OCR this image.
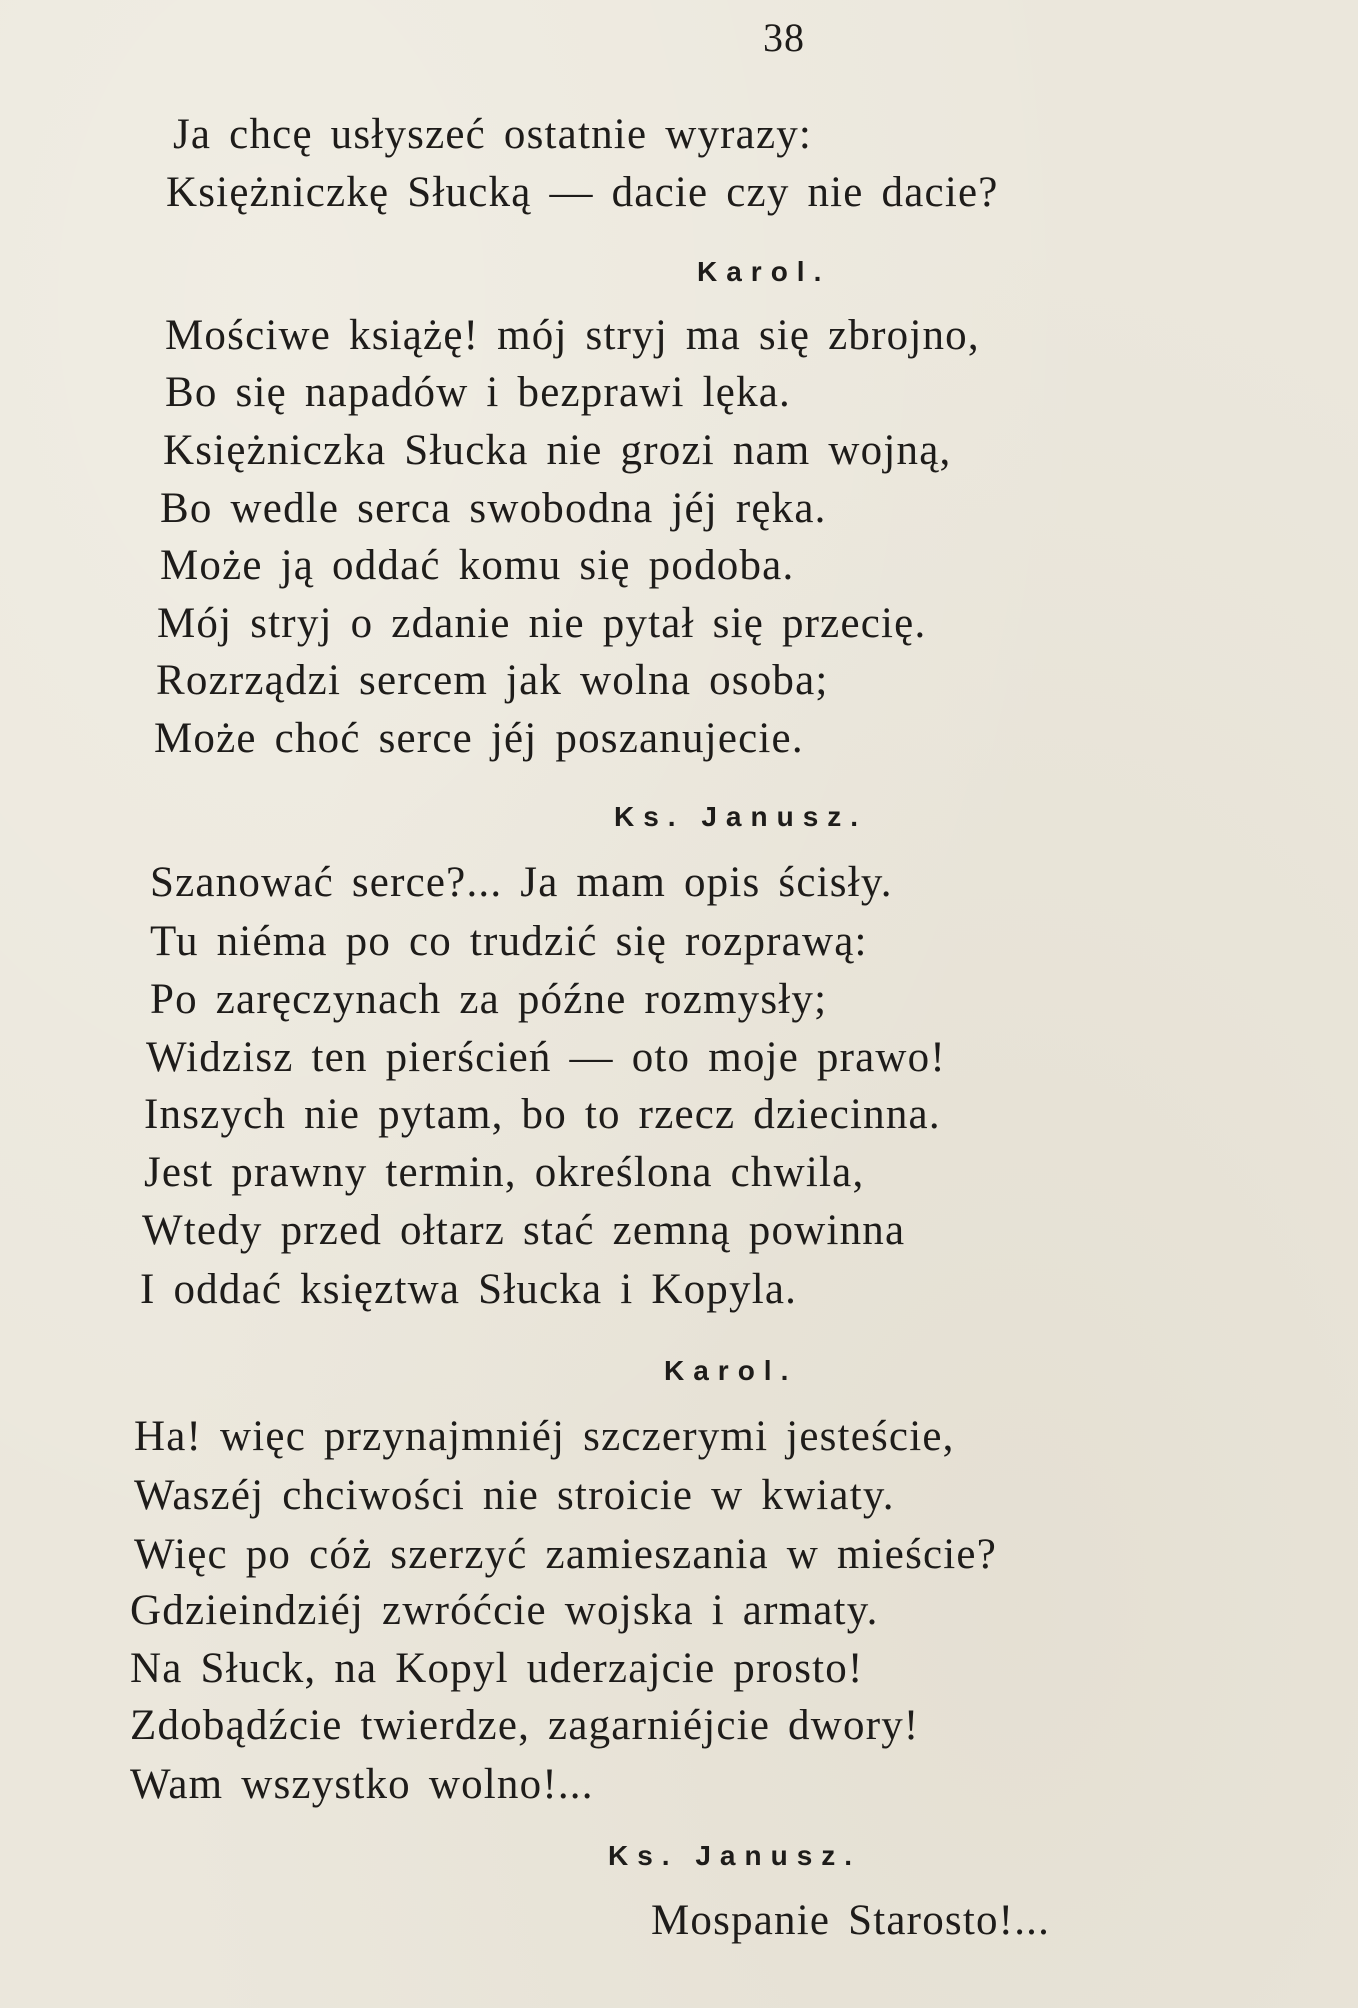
38
Ja chcę usłyszeć ostatnie wyrazy:
Księżniczkę Słucką — dacie czy nie dacie?
Karol.
Mościwe książę! mój stryj ma się zbrojno,
Bo się napadów i bezprawi lęka.
Księżniczka Słucka nie grozi nam wojną,
Bo wedle serca swobodna jéj ręka.
Może ją oddać komu się podoba.
Mój stryj o zdanie nie pytał się przecię.
Rozrządzi sercem jak wolna osoba;
Może choć serce jéj poszanujecie.
Ks. Janusz.
Szanować serce?... Ja mam opis ścisły.
Tu niéma po co trudzić się rozprawą:
Po zaręczynach za późne rozmysły;
Widzisz ten pierścień — oto moje prawo!
Inszych nie pytam, bo to rzecz dziecinna.
Jest prawny termin, określona chwila,
Wtedy przed ołtarz stać zemną powinna
I oddać księztwa Słucka i Kopyla.
Karol.
Ha! więc przynajmniéj szczerymi jesteście,
Waszéj chciwości nie stroicie w kwiaty.
Więc po cóż szerzyć zamieszania w mieście?
Gdzieindziéj zwróćcie wojska i armaty.
Na Słuck, na Kopyl uderzajcie prosto!
Zdobądźcie twierdze, zagarniéjcie dwory!
Wam wszystko wolno!...
Ks. Janusz.
Mospanie Starosto!...
